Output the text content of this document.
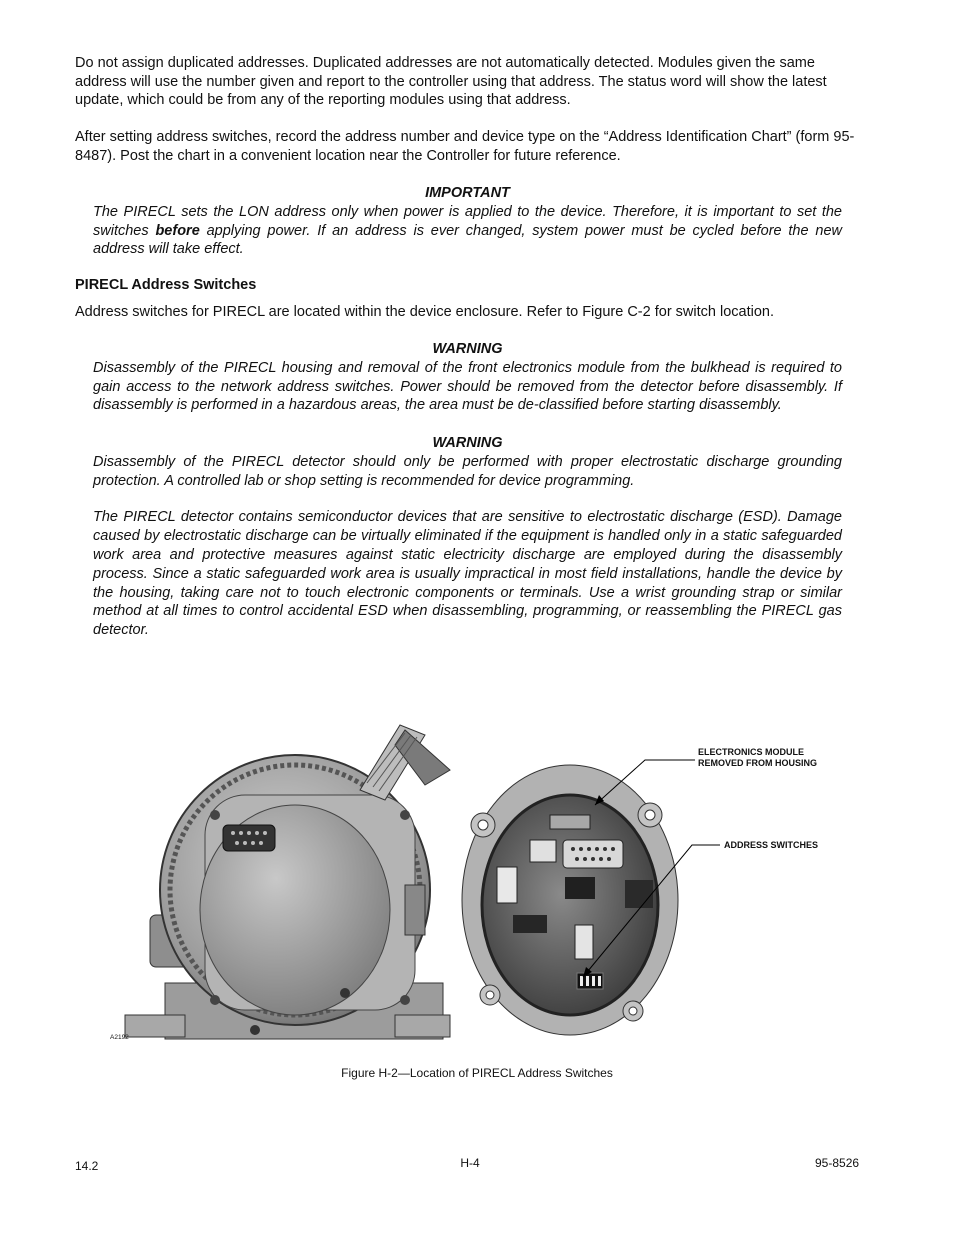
Do not assign duplicated addresses. Duplicated addresses are not automatically detected. Modules given the same address will use the number given and report to the controller using that address. The status word will show the latest update, which could be from any of the reporting modules using that address.

After setting address switches, record the address number and device type on the “Address Identification Chart” (form 95-8487). Post the chart in a convenient location near the Controller for future reference.

IMPORTANT

The PIRECL sets the LON address only when power is applied to the device. Therefore, it is important to set the switches before applying power. If an address is ever changed, system power must be cycled before the new address will take effect.

PIRECL Address Switches

Address switches for PIRECL are located within the device enclosure. Refer to Figure C-2 for switch location.

WARNING

Disassembly of the PIRECL housing and removal of the front electronics module from the bulkhead is required to gain access to the network address switches. Power should be removed from the detector before disassembly. If disassembly is performed in a hazardous areas, the area must be de-classified before starting disassembly.

WARNING

Disassembly of the PIRECL detector should only be performed with proper electrostatic discharge grounding protection. A controlled lab or shop setting is recommended for device programming.

The PIRECL detector contains semiconductor devices that are sensitive to electrostatic discharge (ESD). Damage caused by electrostatic discharge can be virtually eliminated if the equipment is handled only in a static safeguarded work area and protective measures against static electricity discharge are employed during the disassembly process. Since a static safeguarded work area is usually impractical in most field installations, handle the device by the housing, taking care not to touch electronic components or terminals. Use a wrist grounding strap or similar method at all times to control accidental ESD when disassembling, programming, or reassembling the PIRECL gas detector.

ELECTRONICS MODULE
REMOVED FROM HOUSING
ADDRESS SWITCHES
A2192
Figure H-2—Location of PIRECL Address Switches
14.2	H-4	95-8526
